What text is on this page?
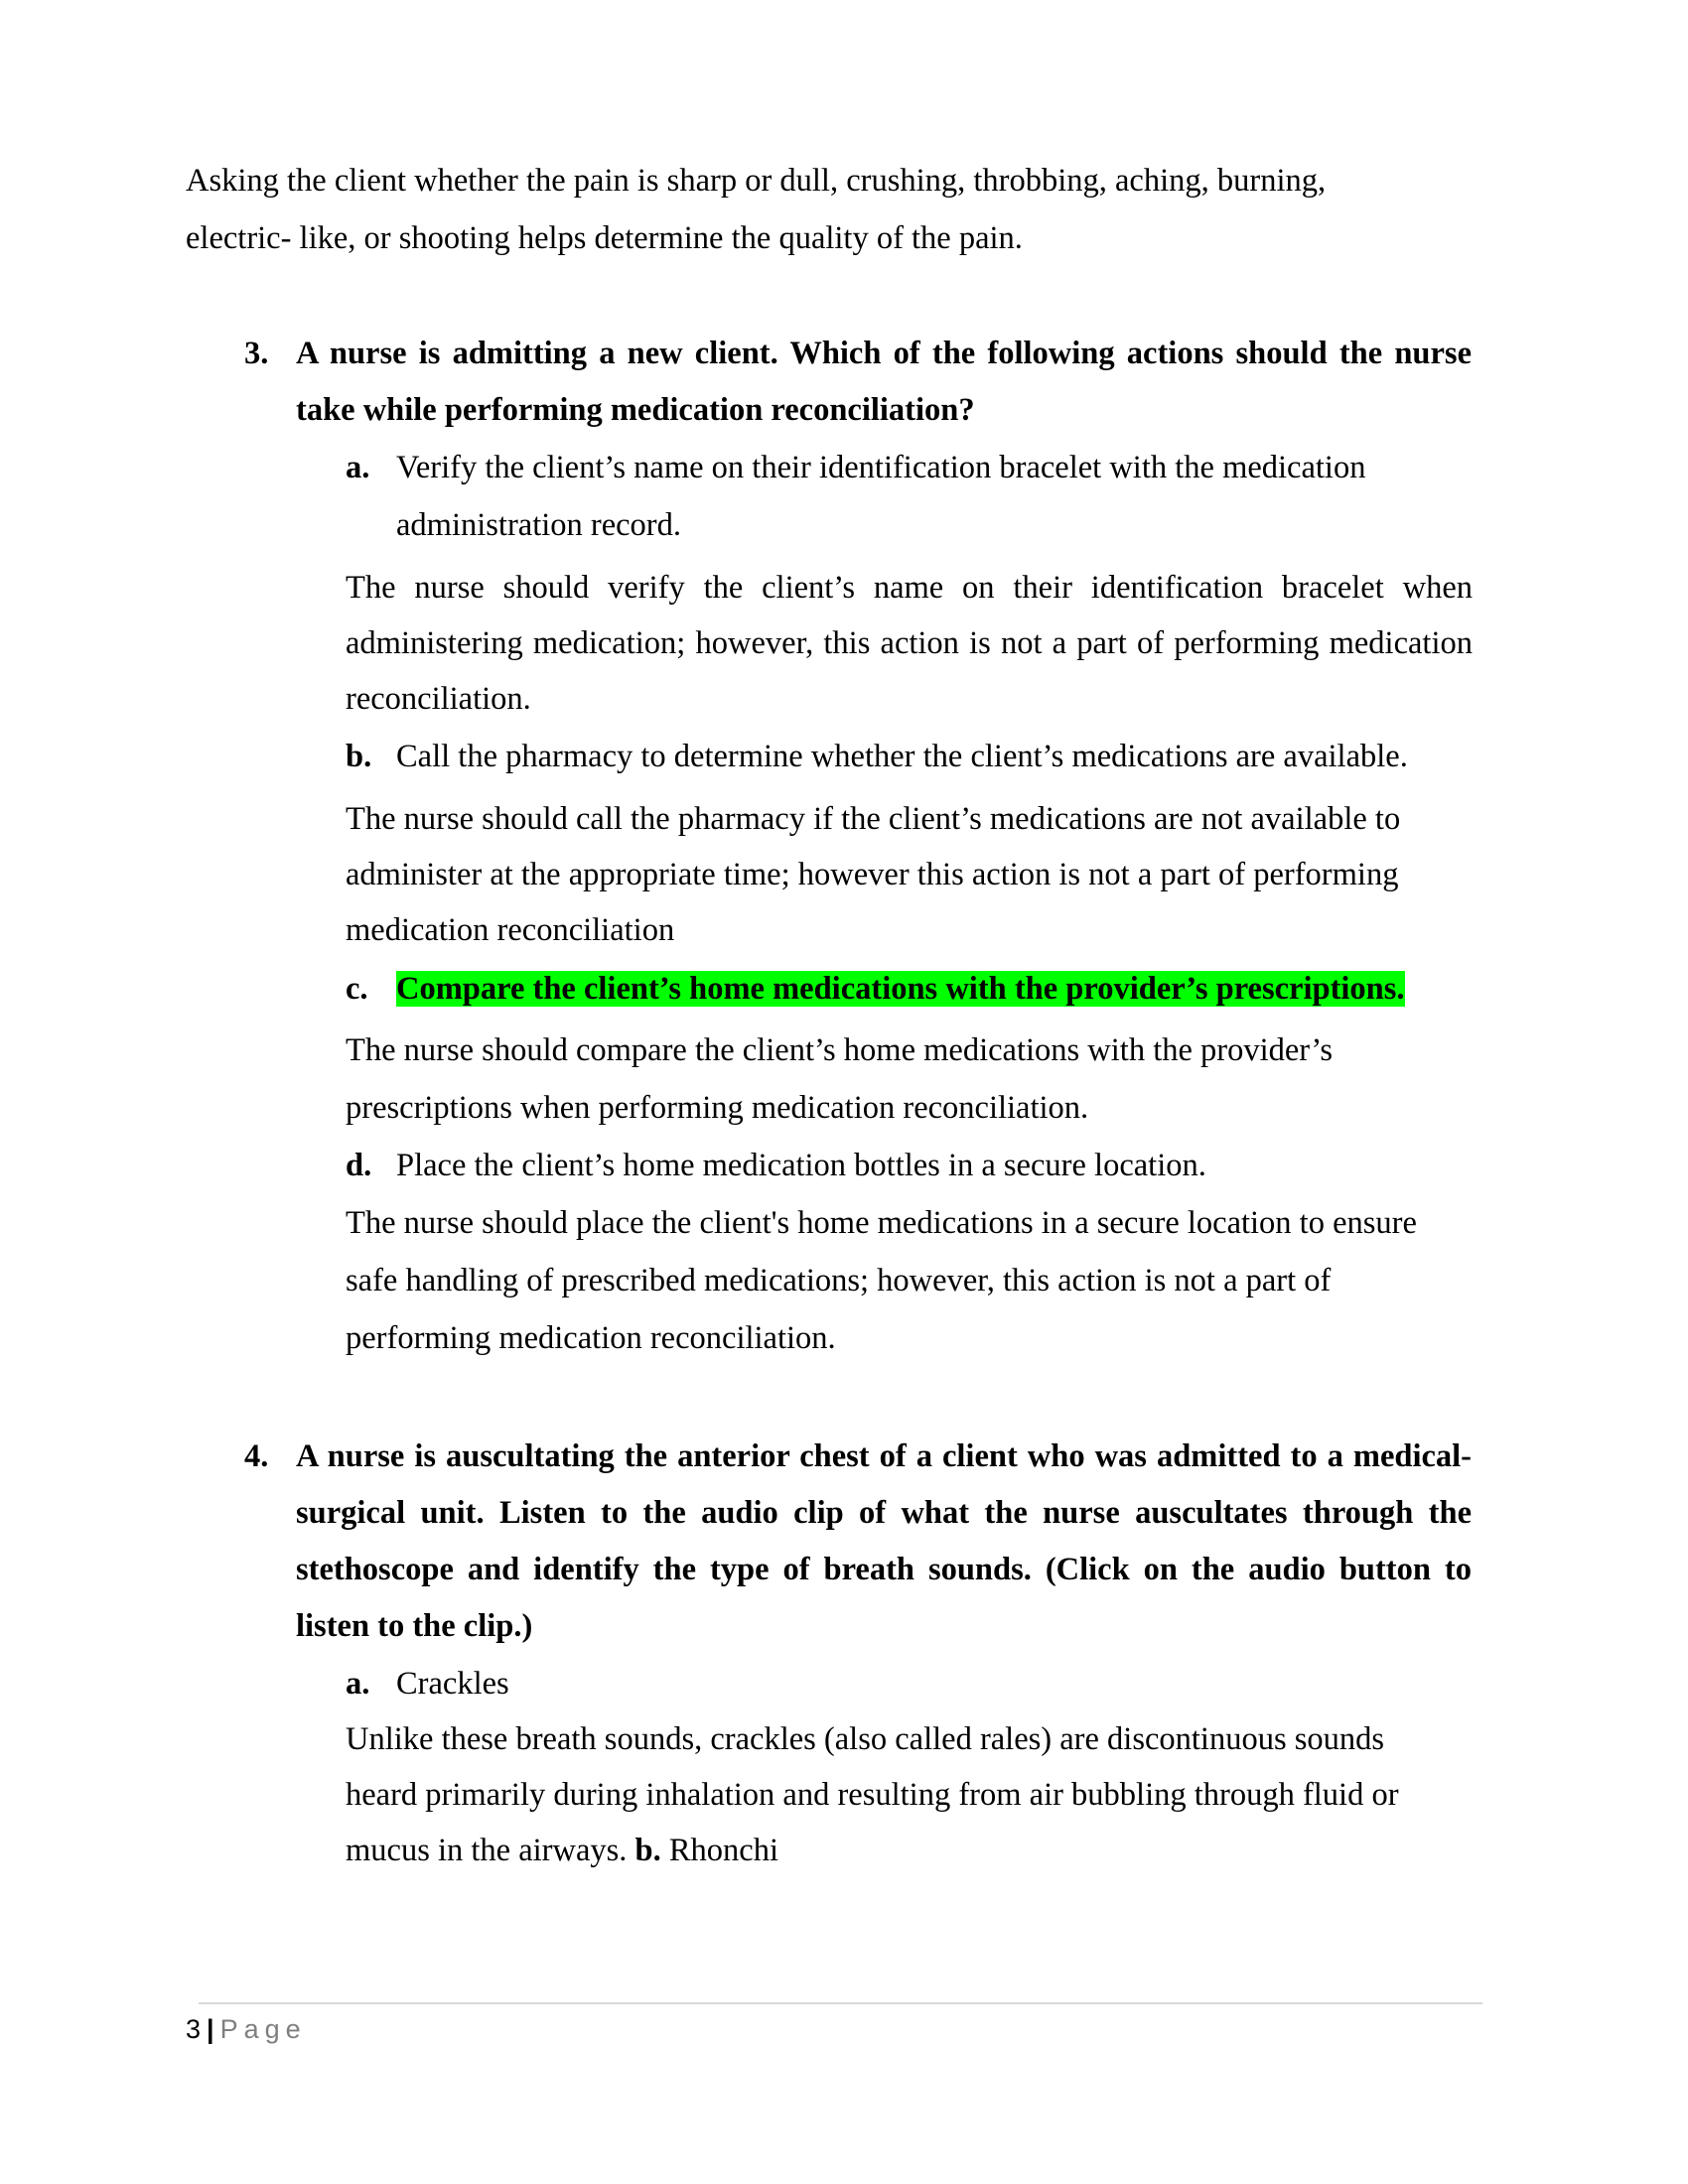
Asking the client whether the pain is sharp or dull, crushing, throbbing, aching, burning,
electric- like, or shooting helps determine the quality of the pain.
3. A nurse is admitting a new client. Which of the following actions should the nurse
take while performing medication reconciliation?
a. Verify the client’s name on their identification bracelet with the medication
administration record.
The nurse should verify the client’s name on their identification bracelet when
administering medication; however, this action is not a part of performing medication
reconciliation.
b. Call the pharmacy to determine whether the client’s medications are available.
The nurse should call the pharmacy if the client’s medications are not available to
administer at the appropriate time; however this action is not a part of performing
medication reconciliation
c. Compare the client’s home medications with the provider’s prescriptions.
The nurse should compare the client’s home medications with the provider’s
prescriptions when performing medication reconciliation.
d. Place the client’s home medication bottles in a secure location.
The nurse should place the client's home medications in a secure location to ensure
safe handling of prescribed medications; however, this action is not a part of
performing medication reconciliation.
4. A nurse is auscultating the anterior chest of a client who was admitted to a medical-
surgical unit. Listen to the audio clip of what the nurse auscultates through the
stethoscope and identify the type of breath sounds. (Click on the audio button to
listen to the clip.)
a. Crackles
Unlike these breath sounds, crackles (also called rales) are discontinuous sounds
heard primarily during inhalation and resulting from air bubbling through fluid or
mucus in the airways. b. Rhonchi
3 | Page
